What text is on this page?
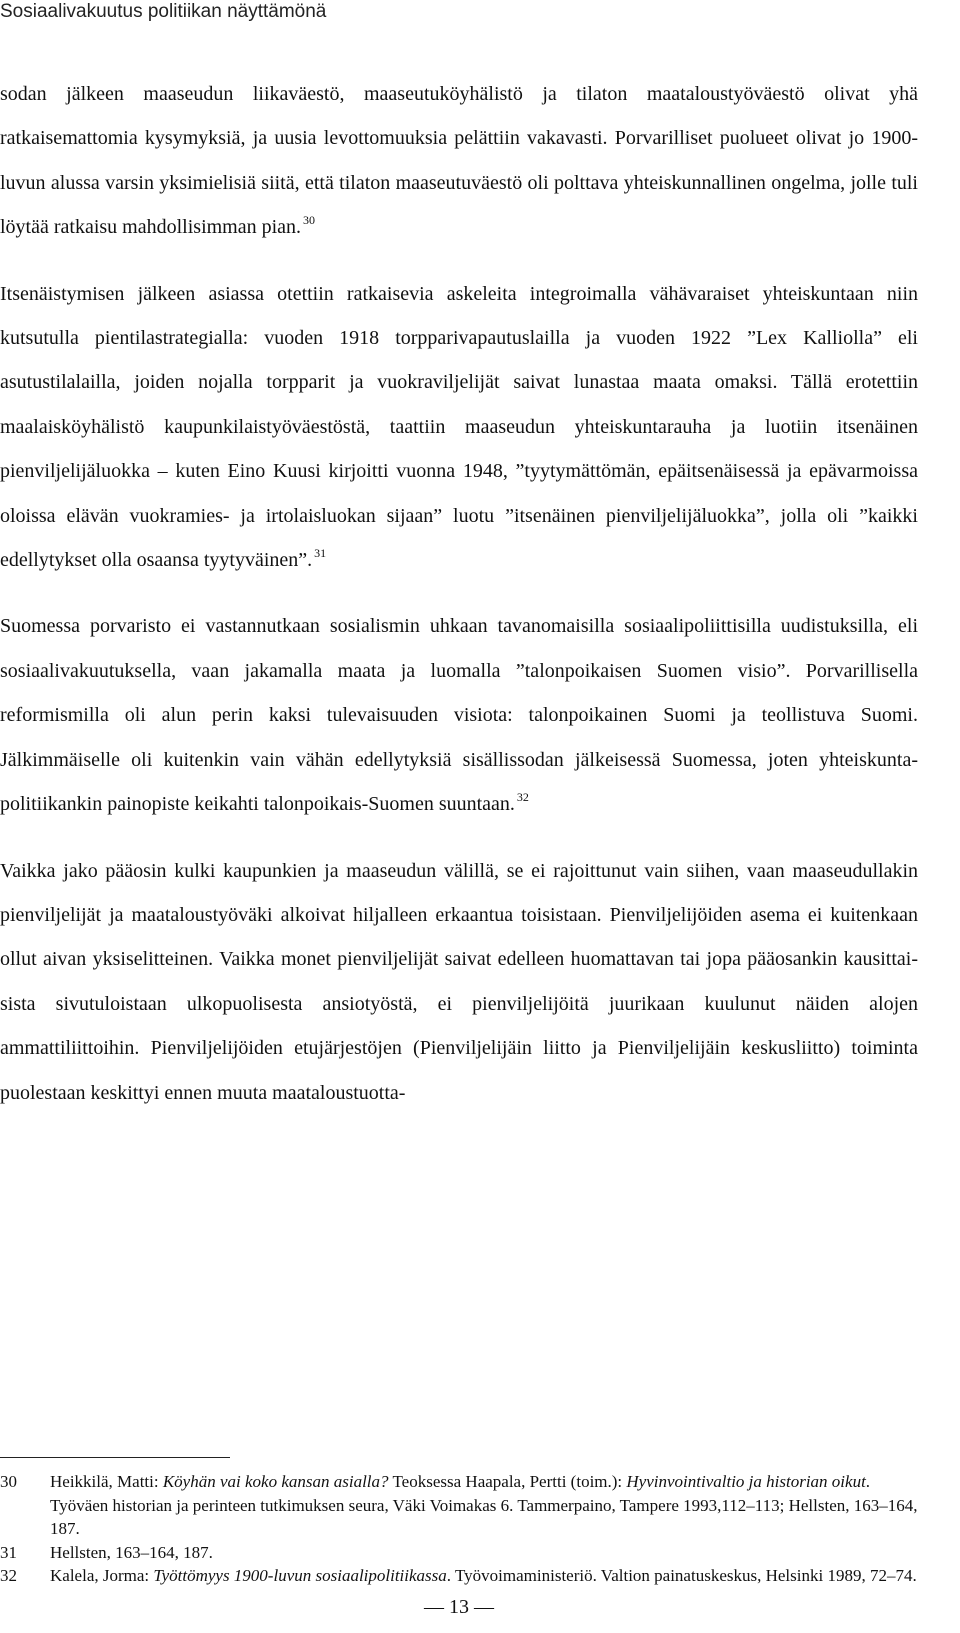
Sosiaalivakuutus politiikan näyttämönä

sodan jälkeen maaseudun liikaväestö, maaseutuköyhälistö ja tilaton maataloustyöväestö olivat yhä ratkaisemattomia kysymyksiä, ja uusia levottomuuksia pelättiin vakavasti. Porvarilliset puolueet olivat jo 1900-luvun alussa varsin yksimielisiä siitä, että tilaton maaseutuväestö oli polttava yhteiskunnallinen ongelma, jolle tuli löytää ratkaisu mahdollisimman pian. $^{30}$

Itsenäistymisen jälkeen asiassa otettiin ratkaisevia askeleita integroimalla vähävaraiset yhteiskuntaan niin kutsutulla pientilastrategialla: vuoden 1918 torpparivapautuslailla ja vuoden 1922 ”Lex Kalliolla” eli asutustilalailla, joiden nojalla torpparit ja vuokraviljelijät saivat lunastaa maata omaksi. Tällä erotettiin maalaisköyhälistö kaupunkilaistyöväestöstä, taattiin maaseudun yhteiskuntarauha ja luotiin itsenäinen pienviljelijäluokka – kuten Eino Kuusi kirjoitti vuonna 1948, ”tyytymättömän, epäitsenäisessä ja epävarmoissa oloissa elävän vuokramies- ja irtolaisluokan sijaan” luotu ”itsenäinen pienviljelijäluokka”, jolla oli ”kaikki edellytykset olla osaansa tyytyväinen”. $^{31}$

Suomessa porvaristo ei vastannutkaan sosialismin uhkaan tavanomaisilla sosiaalipoliittisilla uudistuksilla, eli sosiaalivakuutuksella, vaan jakamalla maata ja luomalla ”talonpoikaisen Suomen visio”. Porvarillisella reformismilla oli alun perin kaksi tulevaisuuden visiota: talonpoikainen Suomi ja teollistuva Suomi. Jälkimmäiselle oli kuitenkin vain vähän edellytyksiä sisällissodan jälkeisessä Suomessa, joten yhteiskuntapolitiikankin painopiste keikahti talonpoikais-Suomen suuntaan. $^{32}$

Vaikka jako pääosin kulki kaupunkien ja maaseudun välillä, se ei rajoittunut vain siihen, vaan maaseudullakin pienviljelijät ja maataloustyöväki alkoivat hiljalleen erkaantua toisistaan. Pienviljelijöiden asema ei kuitenkaan ollut aivan yksiselitteinen. Vaikka monet pienviljelijät saivat edelleen huomattavan tai jopa pääosankin kausittaisista sivutuloistaan ulkopuolisesta ansiotyöstä, ei pienviljelijöitä juurikaan kuulunut näiden alojen ammattiliittoihin. Pienviljelijöiden etujärjestöjen (Pienviljelijäin liitto ja Pienviljelijäin keskusliitto) toiminta puolestaan keskittyi ennen muuta maataloustuotta-

30	Heikkilä, Matti: Köyhän vai koko kansan asialla? Teoksessa Haapala, Pertti (toim.): Hyvinvointivaltio ja historian oikut. Työväen historian ja perinteen tutkimuksen seura, Väki Voimakas 6. Tammerpaino, Tampere 1993,112–113; Hellsten, 163–164, 187.
31	Hellsten, 163–164, 187.
32	Kalela, Jorma: Työttömyys 1900-luvun sosiaalipolitiikassa. Työvoimaministeriö. Valtion painatuskeskus, Helsinki 1989, 72–74.
— 13 —
